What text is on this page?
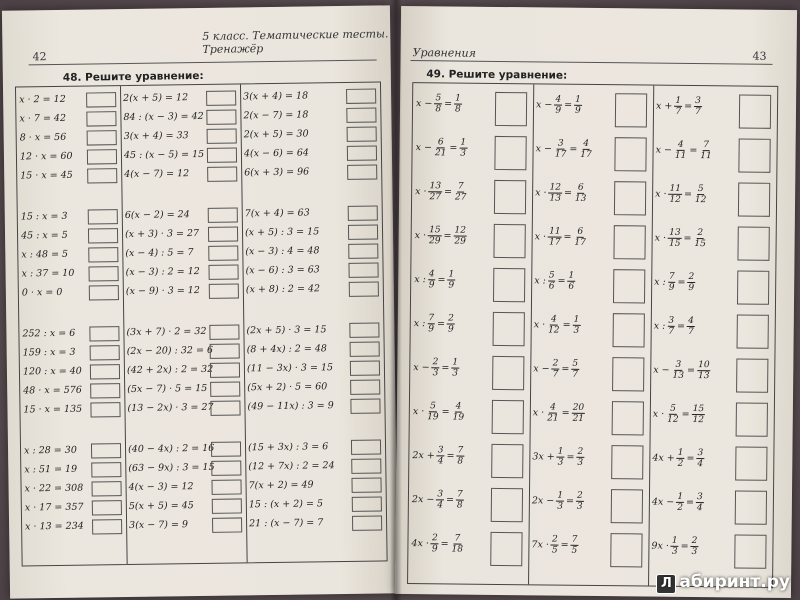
42
5 класс. Тематические тесты. Тренажёр
48. Решите уравнение:
x · 2 = 12
x · 7 = 42
8 · x = 56
12 · x = 60
15 · x = 45
15 : x = 3
45 : x = 5
x : 48 = 5
x : 37 = 10
0 · x = 0
252 : x = 6
159 : x = 3
120 : x = 40
48 · x = 576
15 · x = 135
x : 28 = 30
x : 51 = 19
x · 22 = 308
x · 17 = 357
x · 13 = 234
2(x + 5) = 12
84 : (x − 3) = 42
3(x + 4) = 33
45 : (x − 5) = 15
4(x − 7) = 12
6(x − 2) = 24
(x + 3) · 3 = 27
(x − 4) : 5 = 7
(x − 3) : 2 = 12
(x − 9) · 3 = 12
(3x + 7) · 2 = 32
(2x − 20) : 32 = 6
(42 + 2x) : 2 = 32
(5x − 7) · 5 = 15
(13 − 2x) · 3 = 27
(40 − 4x) : 2 = 16
(63 − 9x) : 3 = 15
4(x − 3) = 12
5(x + 5) = 45
3(x − 7) = 9
3(x + 4) = 18
2(x − 7) = 18
2(x + 5) = 30
4(x − 6) = 64
6(x + 3) = 96
7(x + 4) = 63
(x + 5) : 3 = 15
(x − 3) : 4 = 48
(x − 6) : 3 = 63
(x + 8) : 2 = 42
(2x + 5) · 3 = 15
(8 + 4x) : 2 = 48
(11 − 3x) · 3 = 15
(5x + 2) · 5 = 60
(49 − 11x) : 3 = 9
(15 + 3x) : 3 = 6
(12 + 7x) : 2 = 24
7(x + 2) = 49
15 : (x + 2) = 5
21 : (x − 7) = 7
Уравнения	43
49. Решите уравнение:
$x - \frac{5}{8} = \frac{1}{8}$
$x - \frac{6}{21} = \frac{1}{3}$
$x \cdot \frac{13}{27} = \frac{7}{27}$
$x \cdot \frac{15}{29} = \frac{12}{29}$
x : $\frac{4}{9} = \frac{1}{9}$
x : $\frac{7}{9} = \frac{2}{9}$
$x - \frac{2}{3} = \frac{1}{3}$
$x \cdot \frac{5}{19} = \frac{4}{19}$
$2x + \frac{3}{4} = \frac{7}{8}$
$2x - \frac{3}{4} = \frac{7}{8}$
$4x \cdot \frac{2}{9} = \frac{7}{18}$
$x - \frac{4}{9} = \frac{1}{9}$
$x - \frac{3}{17} = \frac{4}{17}$
$x \cdot \frac{12}{13} = \frac{6}{13}$
$x \cdot \frac{11}{17} = \frac{6}{17}$
x : $\frac{5}{6} = \frac{1}{6}$
$x \cdot \frac{4}{12} = \frac{1}{3}$
$x - \frac{2}{7} = \frac{5}{7}$
$x \cdot \frac{4}{21} = \frac{20}{21}$
$3x + \frac{1}{3} = \frac{2}{3}$
$2x - \frac{1}{3} = \frac{2}{3}$
$7x \cdot \frac{2}{5} = \frac{7}{5}$
$x + \frac{1}{7} = \frac{3}{7}$
$x - \frac{4}{11} = \frac{7}{11}$
$x \cdot \frac{11}{12} = \frac{5}{12}$
$x \cdot \frac{13}{15} = \frac{2}{15}$
x : $\frac{7}{9} = \frac{2}{9}$
x : $\frac{3}{7} = \frac{4}{7}$
$x - \frac{3}{13} = \frac{10}{13}$
$x \cdot \frac{5}{12} = \frac{15}{12}$
$4x + \frac{1}{2} = \frac{3}{4}$
$4x - \frac{1}{2} = \frac{3}{4}$
$9x \cdot \frac{1}{3} = \frac{2}{3}$
Л абиринт.ру
